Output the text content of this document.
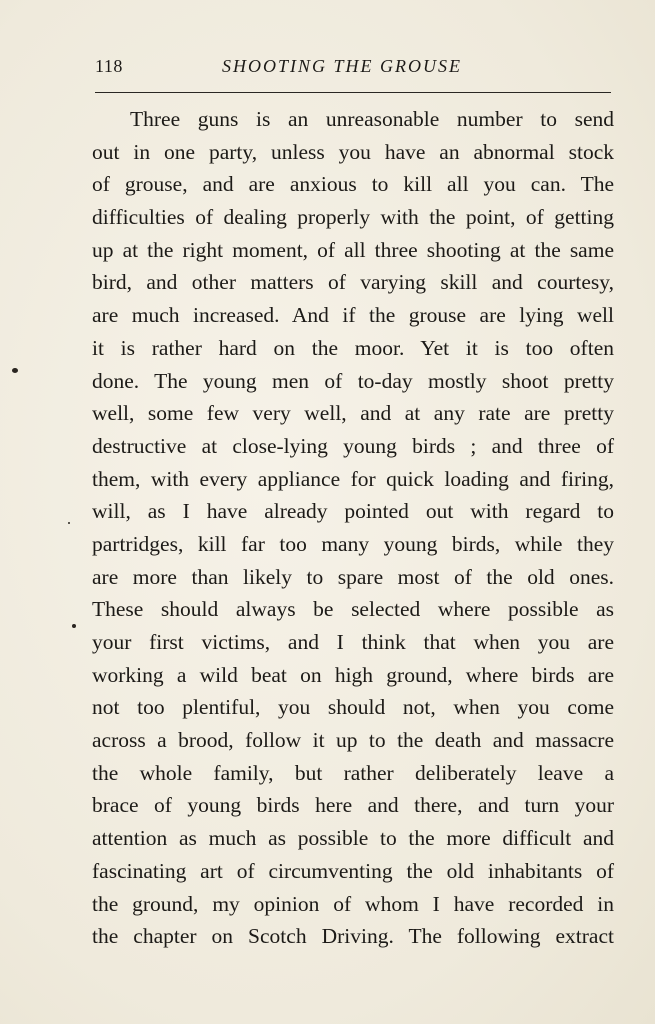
118	SHOOTING THE GROUSE
Three guns is an unreasonable number to send
out in one party, unless you have an abnormal stock
of grouse, and are anxious to kill all you can. The
difficulties of dealing properly with the point, of getting
up at the right moment, of all three shooting at the same
bird, and other matters of varying skill and courtesy,
are much increased. And if the grouse are lying well
it is rather hard on the moor. Yet it is too often
done. The young men of to-day mostly shoot pretty
well, some few very well, and at any rate are pretty
destructive at close-lying young birds ; and three of
them, with every appliance for quick loading and firing,
will, as I have already pointed out with regard to
partridges, kill far too many young birds, while they
are more than likely to spare most of the old ones.
These should always be selected where possible as
your first victims, and I think that when you are
working a wild beat on high ground, where birds are
not too plentiful, you should not, when you come
across a brood, follow it up to the death and massacre
the whole family, but rather deliberately leave a
brace of young birds here and there, and turn your
attention as much as possible to the more difficult and
fascinating art of circumventing the old inhabitants of
the ground, my opinion of whom I have recorded in
the chapter on Scotch Driving. The following extract
